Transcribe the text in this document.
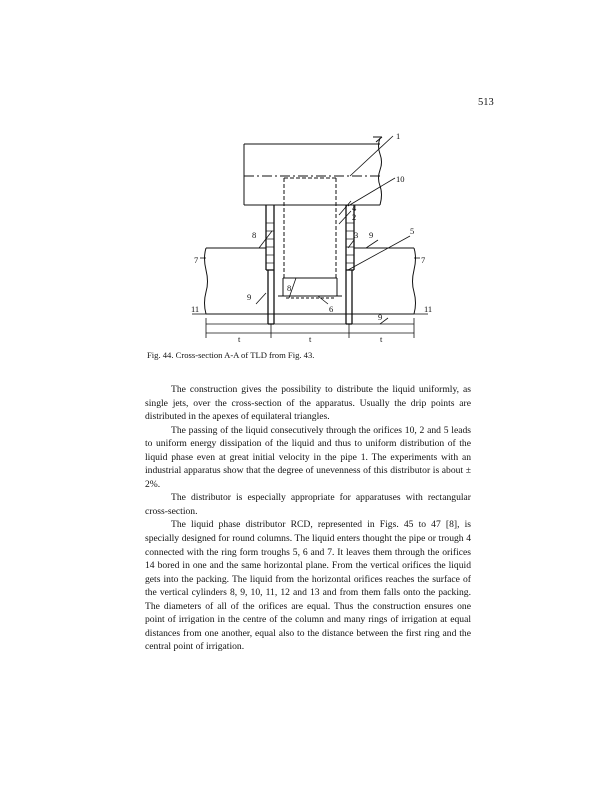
513
1
10
4
2
3 9	5
8
7	7
8
9
6
11	11
9
t	t	t
Fig. 44. Cross-section A-A of TLD from Fig. 43.

The construction gives the possibility to distribute the liquid uniformly, as single jets, over the cross-section of the apparatus. Usually the drip points are distributed in the apexes of equilateral triangles.

The passing of the liquid consecutively through the orifices 10, 2 and 5 leads to uniform energy dissipation of the liquid and thus to uniform distribution of the liquid phase even at great initial velocity in the pipe 1. The experiments with an industrial apparatus show that the degree of unevenness of this distributor is about ± 2%.

The distributor is especially appropriate for apparatuses with rectangular cross-section.

The liquid phase distributor RCD, represented in Figs. 45 to 47 [8], is specially designed for round columns. The liquid enters thought the pipe or trough 4 connected with the ring form troughs 5, 6 and 7. It leaves them through the orifices 14 bored in one and the same horizontal plane. From the vertical orifices the liquid gets into the packing. The liquid from the horizontal orifices reaches the surface of the vertical cylinders 8, 9, 10, 11, 12 and 13 and from them falls onto the packing. The diameters of all of the orifices are equal. Thus the construction ensures one point of irrigation in the centre of the column and many rings of irrigation at equal distances from one another, equal also to the distance between the first ring and the central point of irrigation.
